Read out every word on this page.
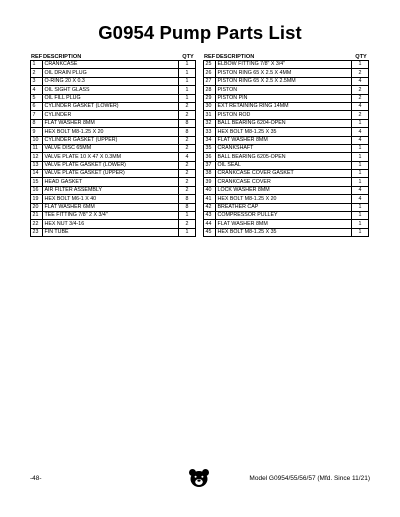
G0954 Pump Parts List
REF DESCRIPTION	QTY
1	CRANKCASE	1
2	OIL DRAIN PLUG	1
3	O-RING 20 X 0.3	1
4	OIL SIGHT GLASS	1
5	OIL FILL PLUG	1
6	CYLINDER GASKET (LOWER)	2
7	CYLINDER	2
8	FLAT WASHER 8MM	8
9	HEX BOLT M8-1.25 X 20	8
10	CYLINDER GASKET (UPPER)	2
11	VALVE DISC 65MM	2
12	VALVE PLATE 10 X 47 X 0.3MM	4
13	VALVE PLATE GASKET (LOWER)	2
14	VALVE PLATE GASKET (UPPER)	2
15	HEAD GASKET	2
16	AIR FILTER ASSEMBLY	2
19	HEX BOLT M6-1 X 40	8
20	FLAT WASHER 6MM	8
21	TEE FITTING 7/8" 2 X 3/4"	1
22	HEX NUT 3/4-16	2
23	FIN TUBE	1
REF DESCRIPTION	QTY
25	ELBOW FITTING 7/8" X 3/4"	1
26	PISTON RING 65 X 2.5 X 4MM	2
27	PISTON RING 65 X 2.5 X 2.5MM	4
28	PISTON	2
29	PISTON PIN	2
30	EXT RETAINING RING 14MM	4
31	PISTON ROD	2
32	BALL BEARING 6204-OPEN	1
33	HEX BOLT M8-1.25 X 35	4
34	FLAT WASHER 8MM	4
35	CRANKSHAFT	1
36	BALL BEARING 6205-OPEN	1
37	OIL SEAL	1
38	CRANKCASE COVER GASKET	1
39	CRANKCASE COVER	1
40	LOCK WASHER 8MM	4
41	HEX BOLT M8-1.25 X 20	4
42	BREATHER CAP	1
43	COMPRESSOR PULLEY	1
44	FLAT WASHER 8MM	1
45	HEX BOLT M8-1.25 X 35	1
-48-	Model G0954/55/56/57 (Mfd. Since 11/21)
